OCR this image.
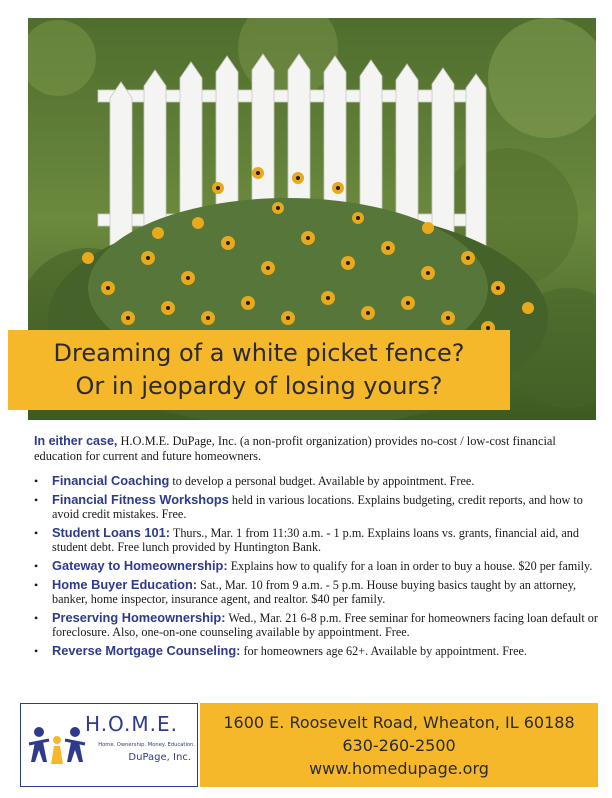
Dreaming of a white picket fence?
Or in jeopardy of losing yours?
In either case, H.O.M.E. DuPage, Inc. (a non-profit organization) provides no-cost / low-cost financial education for current and future homeowners.
• Financial Coaching to develop a personal budget. Available by appointment. Free.
• Financial Fitness Workshops held in various locations. Explains budgeting, credit reports, and how to avoid credit mistakes. Free.
• Student Loans 101: Thurs., Mar. 1 from 11:30 a.m. - 1 p.m. Explains loans vs. grants, financial aid, and student debt. Free lunch provided by Huntington Bank.
• Gateway to Homeownership: Explains how to qualify for a loan in order to buy a house. $20 per family.
• Home Buyer Education: Sat., Mar. 10 from 9 a.m. - 5 p.m. House buying basics taught by an attorney, banker, home inspector, insurance agent, and realtor. $40 per family.
• Preserving Homeownership: Wed., Mar. 21 6-8 p.m. Free seminar for homeowners facing loan default or foreclosure. Also, one-on-one counseling available by appointment. Free.
• Reverse Mortgage Counseling: for homeowners age 62+. Available by appointment. Free.
H.O.M.E.
Home. Ownership. Money. Education.
DuPage, Inc.
1600 E. Roosevelt Road, Wheaton, IL 60188
630-260-2500
www.homedupage.org
